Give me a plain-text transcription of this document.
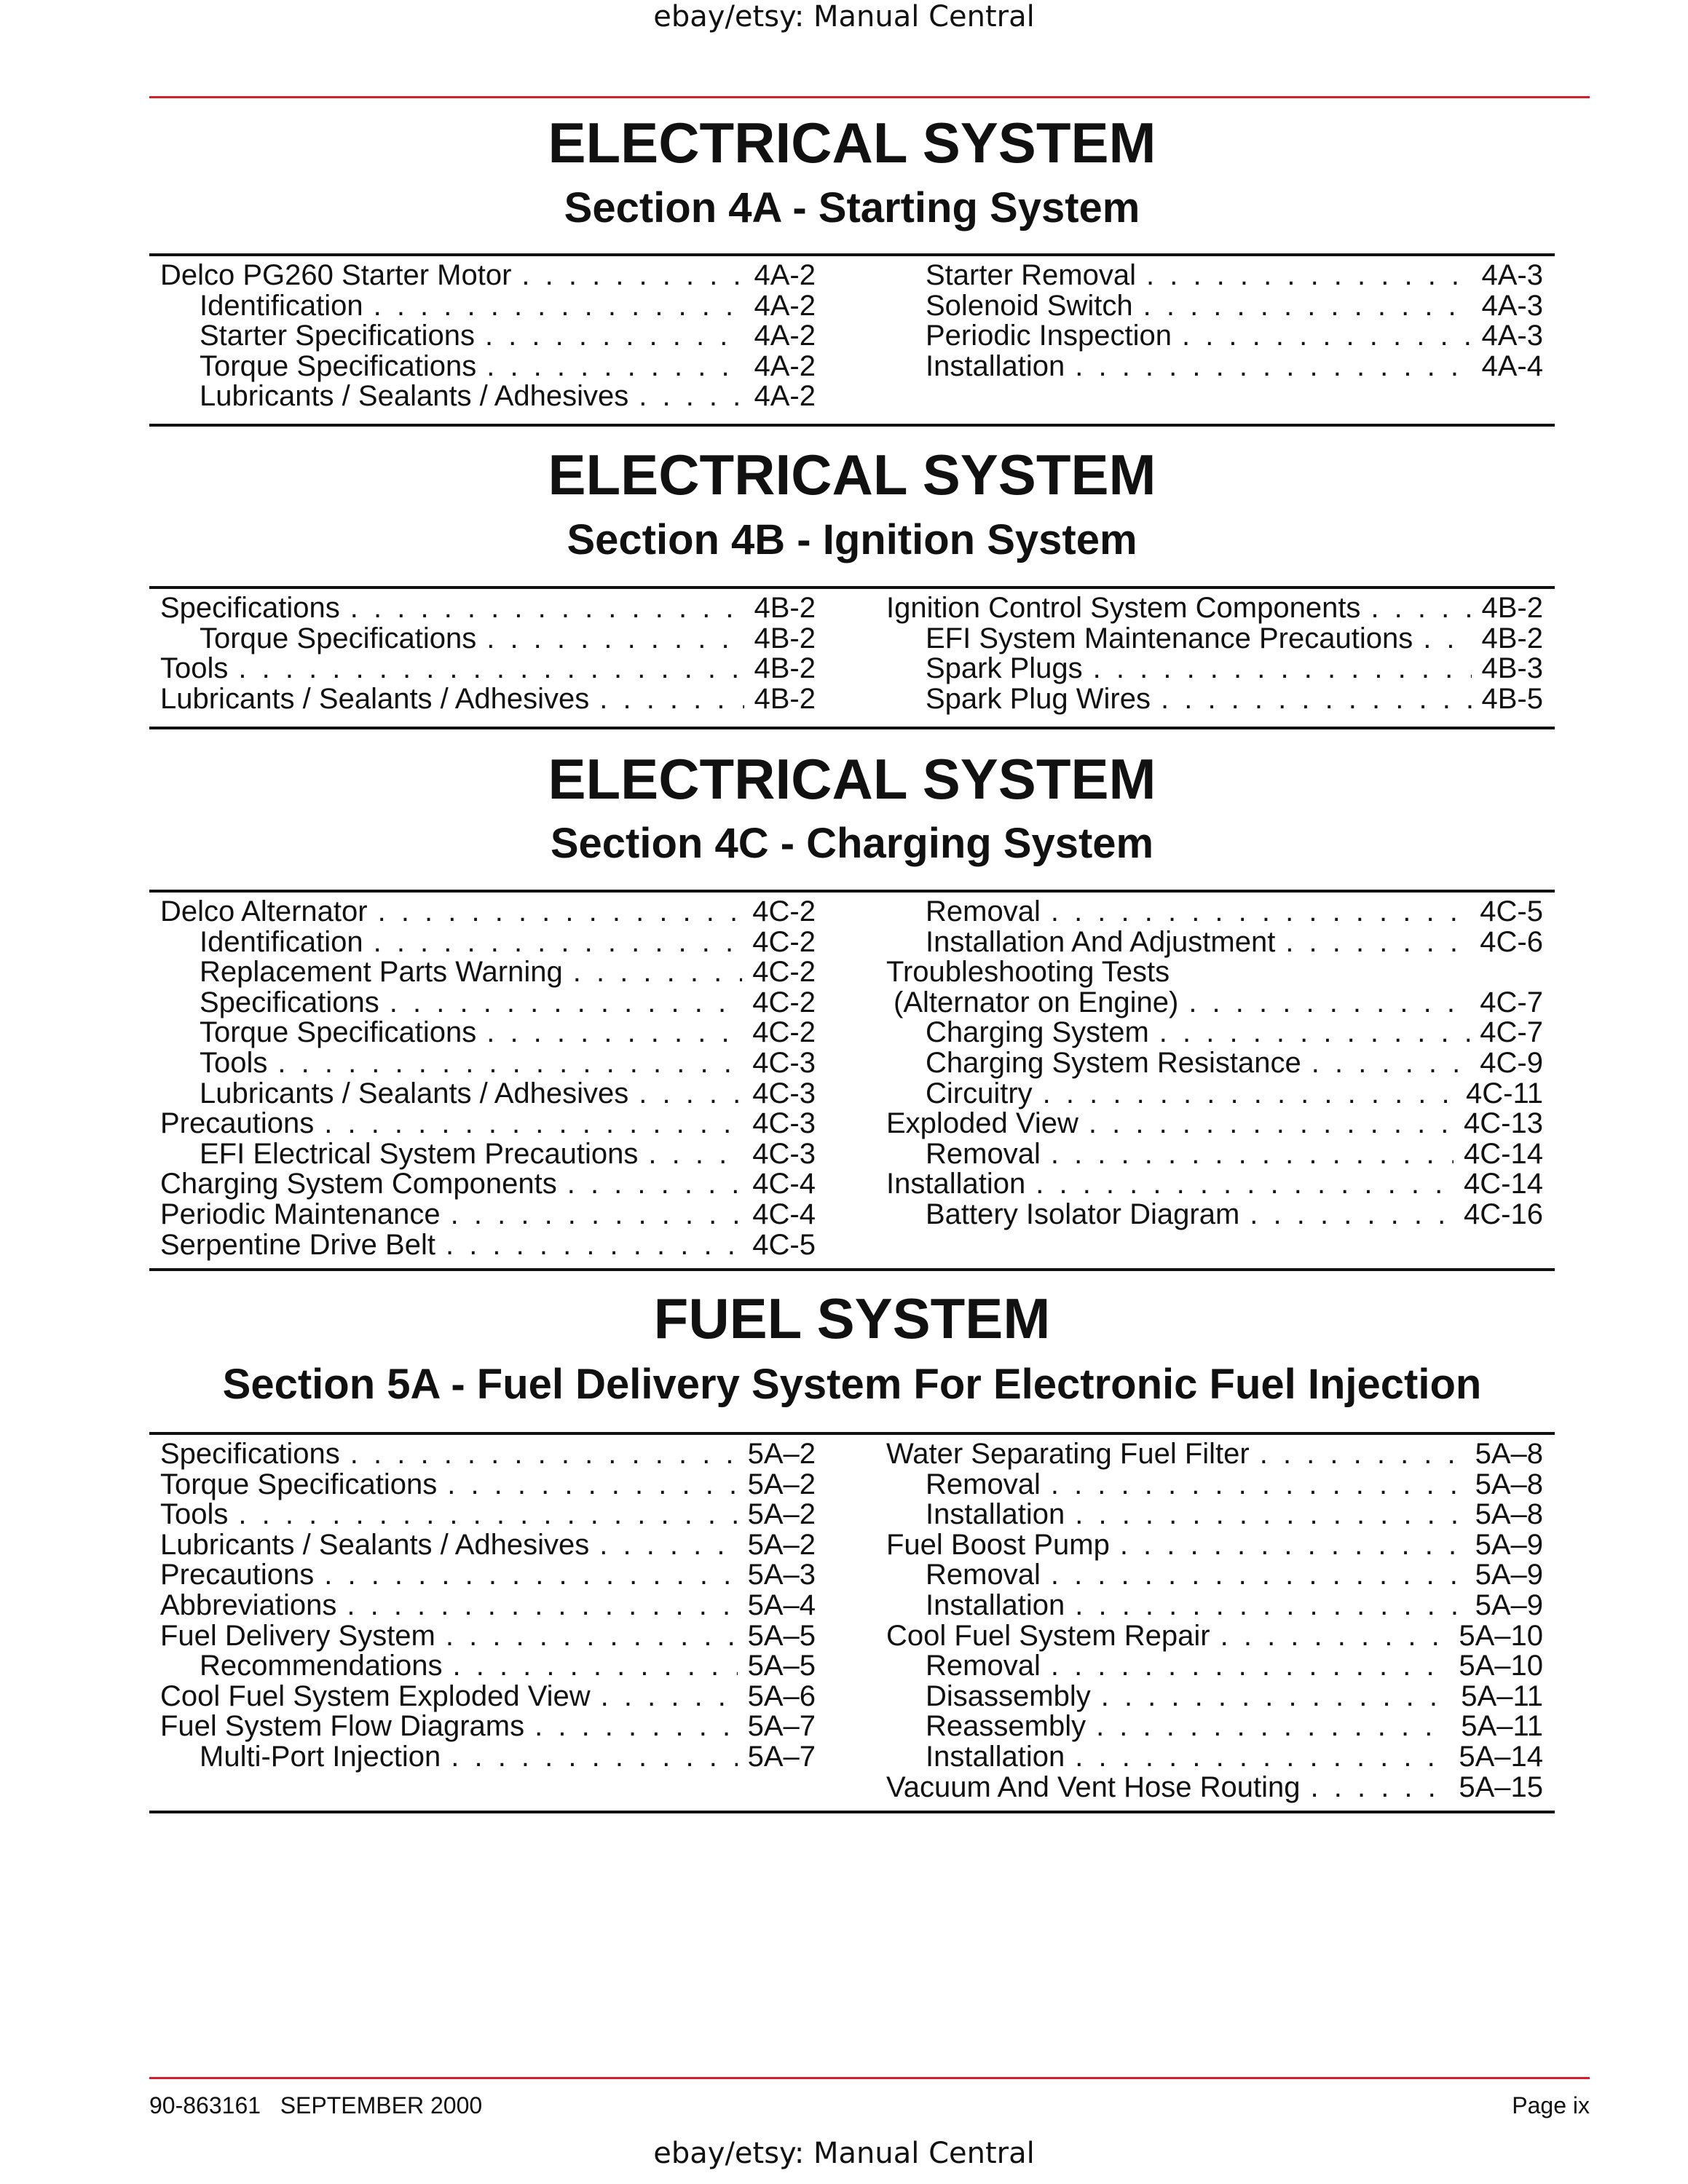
ebay/etsy: Manual Central
ELECTRICAL SYSTEM
Section 4A - Starting System
Delco PG260 Starter Motor . . .	4A-2
Identification . . .	4A-2
Starter Specifications . . .	4A-2
Torque Specifications . . .	4A-2
Lubricants / Sealants / Adhesives . . .	4A-2
Starter Removal . . .	4A-3
Solenoid Switch . . .	4A-3
Periodic Inspection . . .	4A-3
Installation . . .	4A-4
ELECTRICAL SYSTEM
Section 4B - Ignition System
Specifications . . .	4B-2
Torque Specifications . . .	4B-2
Tools . . .	4B-2
Lubricants / Sealants / Adhesives . . .	4B-2
Ignition Control System Components . . .	4B-2
EFI System Maintenance Precautions . . .	4B-2
Spark Plugs . . .	4B-3
Spark Plug Wires . . .	4B-5
ELECTRICAL SYSTEM
Section 4C - Charging System
Delco Alternator . . .	4C-2
Identification . . .	4C-2
Replacement Parts Warning . . .	4C-2
Specifications . . .	4C-2
Torque Specifications . . .	4C-2
Tools . . .	4C-3
Lubricants / Sealants / Adhesives . . .	4C-3
Precautions . . .	4C-3
EFI Electrical System Precautions . . .	4C-3
Charging System Components . . .	4C-4
Periodic Maintenance . . .	4C-4
Serpentine Drive Belt . . .	4C-5
Removal . . .	4C-5
Installation And Adjustment . . .	4C-6
Troubleshooting Tests
(Alternator on Engine) . . .	4C-7
Charging System . . .	4C-7
Charging System Resistance . . .	4C-9
Circuitry . . .	4C-11
Exploded View . . .	4C-13
Removal . . .	4C-14
Installation . . .	4C-14
Battery Isolator Diagram . . .	4C-16
FUEL SYSTEM
Section 5A - Fuel Delivery System For Electronic Fuel Injection
Specifications . . .	5A–2
Torque Specifications . . .	5A–2
Tools . . .	5A–2
Lubricants / Sealants / Adhesives . . .	5A–2
Precautions . . .	5A–3
Abbreviations . . .	5A–4
Fuel Delivery System . . .	5A–5
Recommendations . . .	5A–5
Cool Fuel System Exploded View . . .	5A–6
Fuel System Flow Diagrams . . .	5A–7
Multi-Port Injection . . .	5A–7
Water Separating Fuel Filter . . .	5A–8
Removal . . .	5A–8
Installation . . .	5A–8
Fuel Boost Pump . . .	5A–9
Removal . . .	5A–9
Installation . . .	5A–9
Cool Fuel System Repair . . .	5A–10
Removal . . .	5A–10
Disassembly . . .	5A–11
Reassembly . . .	5A–11
Installation . . .	5A–14
Vacuum And Vent Hose Routing . . .	5A–15
90-863161   SEPTEMBER 2000	Page ix
ebay/etsy: Manual Central
